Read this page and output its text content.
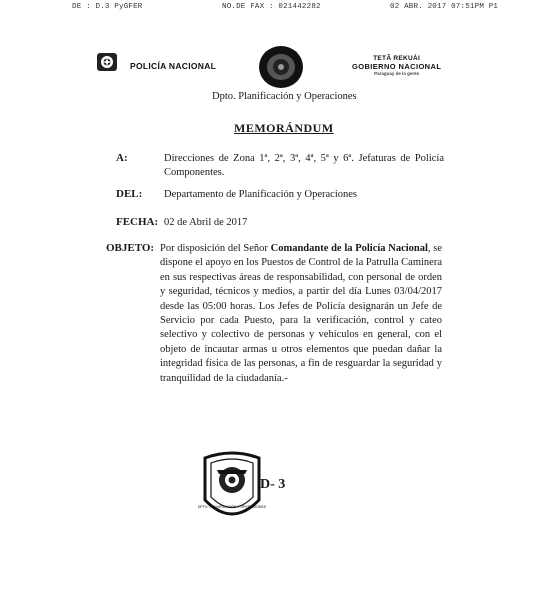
DE : D.3 PyGFER	NO.DE FAX : 021442282	02 ABR. 2017 07:51PM P1
POLICÍA NACIONAL
TETÃ REKUÁI
GOBIERNO NACIONAL
Paraguay de la gente
Dpto. Planificación y Operaciones
MEMORÁNDUM
A:	Direcciones de Zona 1ª, 2ª, 3ª, 4ª, 5ª y 6ª. Jefaturas de Policía Componentes.
DEL: Departamento de Planificación y Operaciones
FECHA: 02 de Abril de 2017
OBJETO: Por disposición del Señor Comandante de la Policía Nacional, se dispone el apoyo en los Puestos de Control de la Patrulla Caminera en sus respectivas áreas de responsabilidad, con personal de orden y seguridad, técnicos y medios, a partir del día Lunes 03/04/2017 desde las 05:00 horas. Los Jefes de Policía designarán un Jefe de Servicio por cada Puesto, para la verificación, control y cateo selectivo y colectivo de personas y vehículos en general, con el objeto de incautar armas u otros elementos que puedan dañar la integridad física de las personas, a fin de resguardar la seguridad y tranquilidad de la ciudadanía.-
DPTO. PLANIFICACIÓN Y OPERACIONES
D- 3
